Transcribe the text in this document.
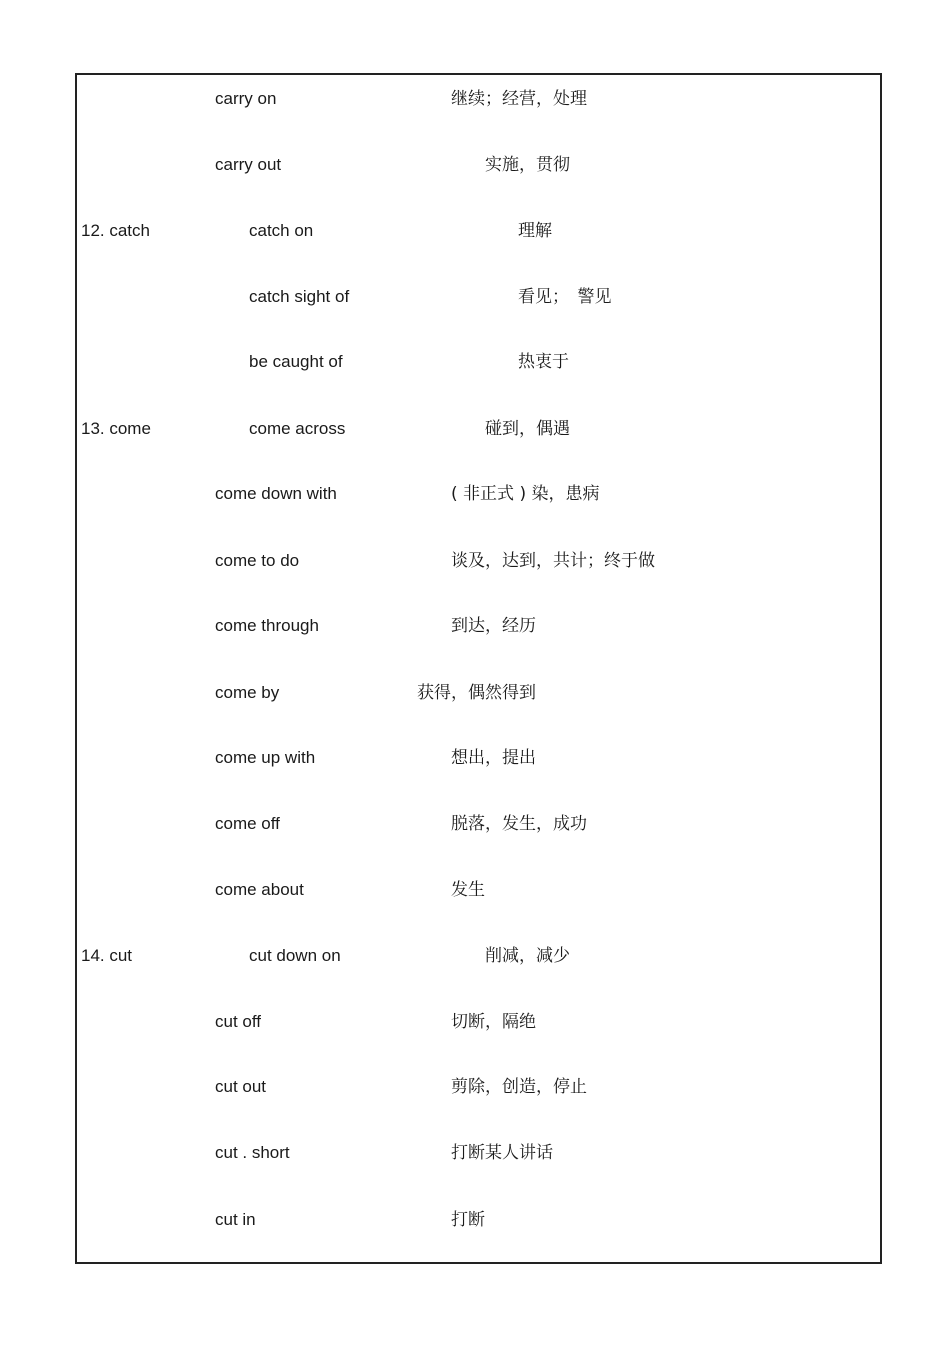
carry on	继续；经营，处理
carry out	实施，贯彻
12. catch	catch on	理解
catch sight of	看见；　警见
be caught of	热衷于
13. come	come across	碰到，偶遇
come down with	( 非正式 ) 染，患病
come to do	谈及，达到，共计；终于做
come through	到达，经历
come by	获得，偶然得到
come up with	想出，提出
come off	脱落，发生，成功
come about	发生
14. cut	cut down on	削减，减少
cut off	切断，隔绝
cut out	剪除，创造，停止
cut . short	打断某人讲话
cut in	打断
